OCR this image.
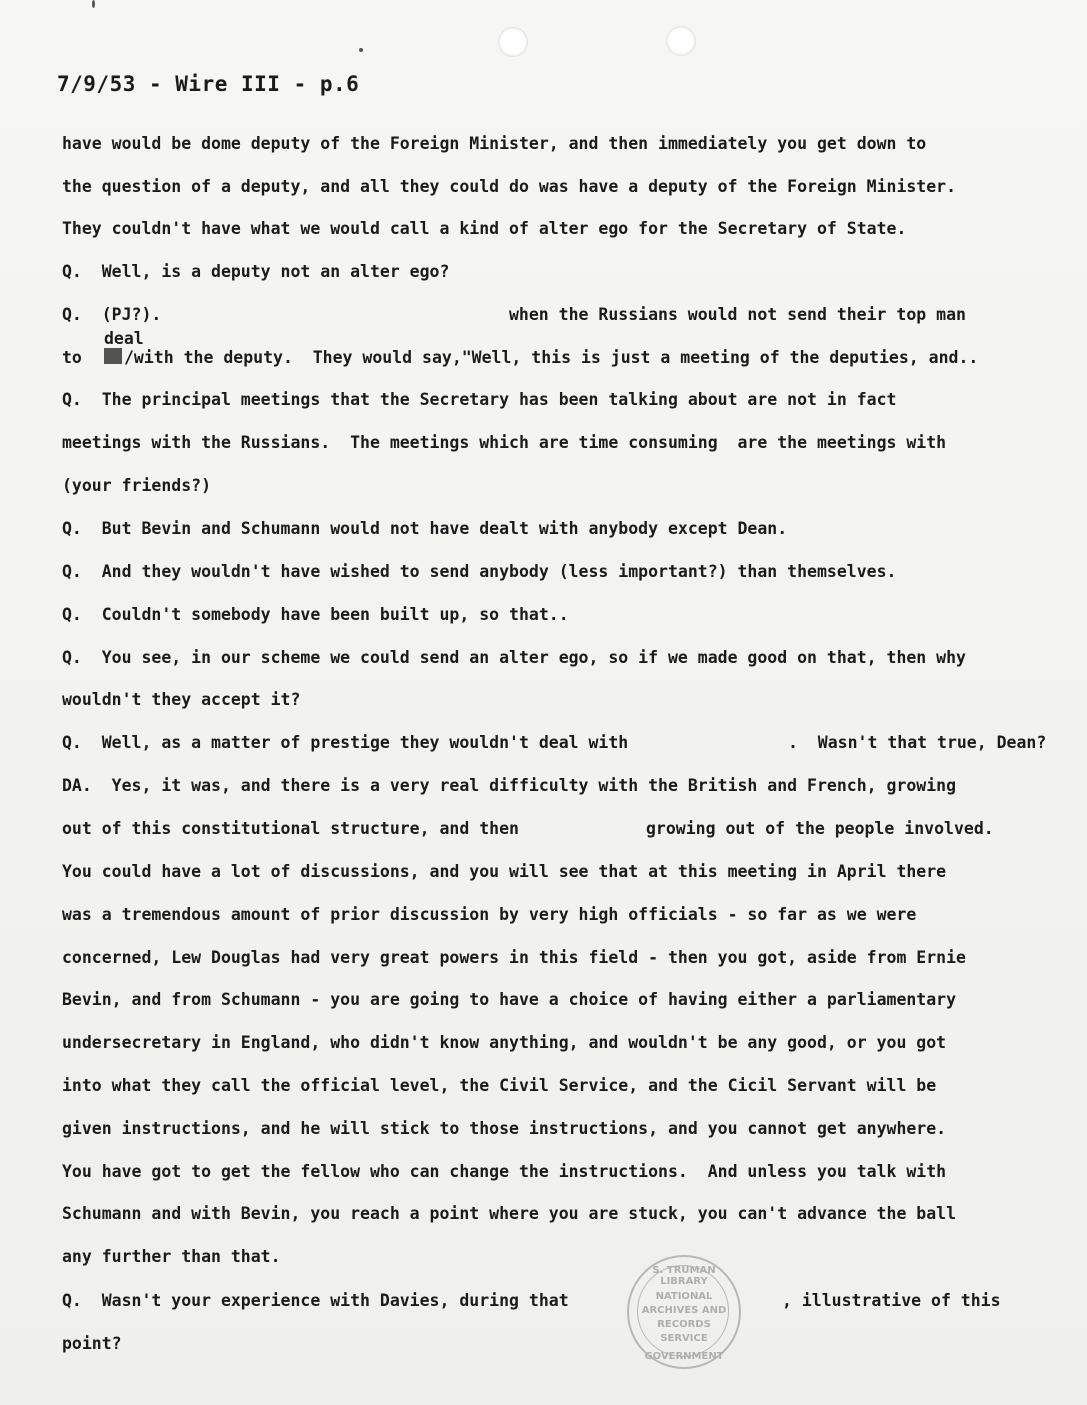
7/9/53 - Wire III - p.6
have would be dome deputy of the Foreign Minister, and then immediately you get down to
the question of a deputy, and all they could do was have a deputy of the Foreign Minister.
They couldn't have what we would call a kind of alter ego for the Secretary of State.
Q.  Well, is a deputy not an alter ego?
Q.  (PJ?).	when the Russians would not send their top man
deal
to	/with the deputy.  They would say,"Well, this is just a meeting of the deputies, and..
Q.  The principal meetings that the Secretary has been talking about are not in fact
meetings with the Russians.  The meetings which are time consuming  are the meetings with
(your friends?)
Q.  But Bevin and Schumann would not have dealt with anybody except Dean.
Q.  And they wouldn't have wished to send anybody (less important?) than themselves.
Q.  Couldn't somebody have been built up, so that..
Q.  You see, in our scheme we could send an alter ego, so if we made good on that, then why
wouldn't they accept it?
Q.  Well, as a matter of prestige they wouldn't deal with	.  Wasn't that true, Dean?
DA.  Yes, it was, and there is a very real difficulty with the British and French, growing
out of this constitutional structure, and then	growing out of the people involved.
You could have a lot of discussions, and you will see that at this meeting in April there
was a tremendous amount of prior discussion by very high officials - so far as we were
concerned, Lew Douglas had very great powers in this field - then you got, aside from Ernie
Bevin, and from Schumann - you are going to have a choice of having either a parliamentary
undersecretary in England, who didn't know anything, and wouldn't be any good, or you got
into what they call the official level, the Civil Service, and the Cicil Servant will be
given instructions, and he will stick to those instructions, and you cannot get anywhere.
You have got to get the fellow who can change the instructions.  And unless you talk with
Schumann and with Bevin, you reach a point where you are stuck, you can't advance the ball
any further than that.
Q.  Wasn't your experience with Davies, during that	, illustrative of this
point?
S. TRUMAN LIBRARY
NATIONAL
ARCHIVES AND
RECORDS
SERVICE
GOVERNMENT
